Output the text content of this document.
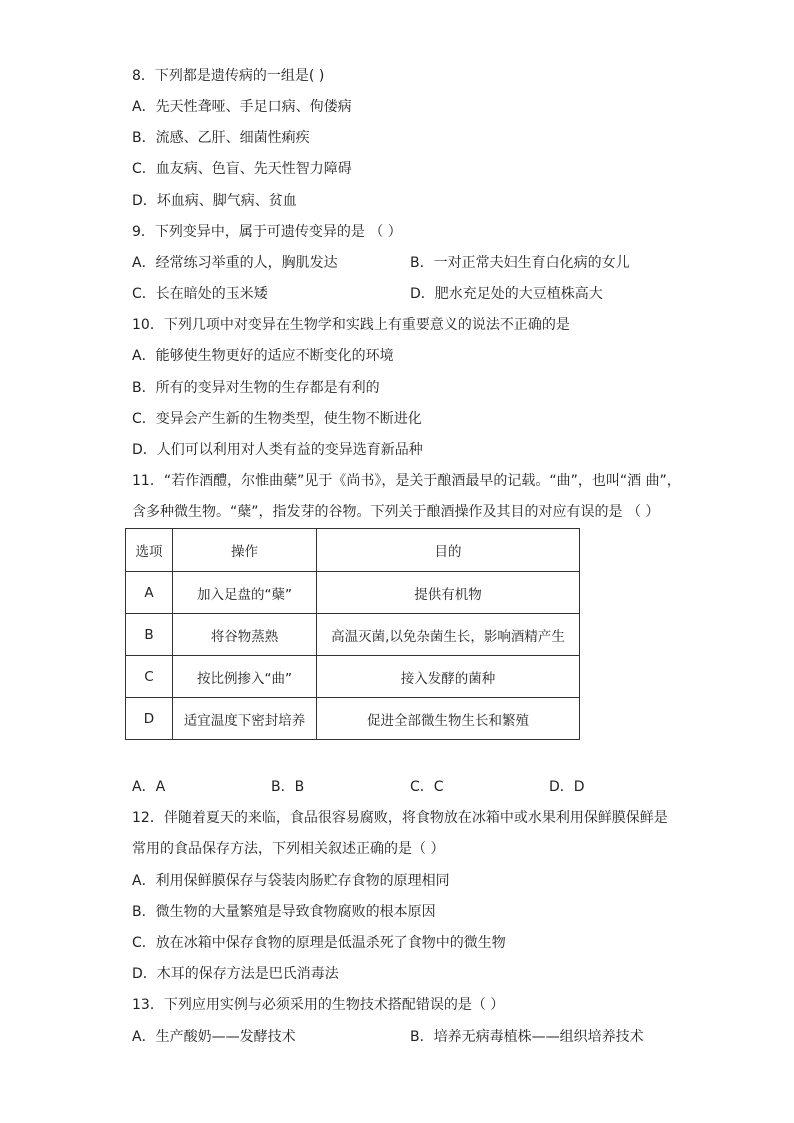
8．下列都是遗传病的一组是( )
A．先天性聋哑、手足口病、佝偻病
B．流感、乙肝、细菌性痢疾
C．血友病、色盲、先天性智力障碍
D．坏血病、脚气病、贫血
9．下列变异中，属于可遗传变异的是 （ ）
A．经常练习举重的人，胸肌发达	B．一对正常夫妇生育白化病的女儿
C．长在暗处的玉米矮	D．肥水充足处的大豆植株高大
10．下列几项中对变异在生物学和实践上有重要意义的说法不正确的是
A．能够使生物更好的适应不断变化的环境
B．所有的变异对生物的生存都是有利的
C．变异会产生新的生物类型，使生物不断进化
D．人们可以利用对人类有益的变异选育新品种
11．“若作酒醴，尔惟曲蘖”见于《尚书》，是关于酿酒最早的记载。“曲”，也叫“酒 曲”，
含多种微生物。“蘖”，指发芽的谷物。下列关于酿酒操作及其目的对应有误的是 （ ）
选项	操作	目的
A	加入足盘的“蘖”	提供有机物
B	将谷物蒸熟	高温灭菌,以免杂菌生长，影响酒精产生
C	按比例掺入“曲”	接入发酵的菌种
D	适宜温度下密封培养	促进全部微生物生长和繁殖
A．A	B．B	C．C	D．D
12．伴随着夏天的来临，食品很容易腐败，将食物放在冰箱中或水果利用保鲜膜保鲜是
常用的食品保存方法，下列相关叙述正确的是（ ）
A．利用保鲜膜保存与袋装肉肠贮存食物的原理相同
B．微生物的大量繁殖是导致食物腐败的根本原因
C．放在冰箱中保存食物的原理是低温杀死了食物中的微生物
D．木耳的保存方法是巴氏消毒法
13．下列应用实例与必须采用的生物技术搭配错误的是（ ）
A．生产酸奶——发酵技术	B．培养无病毒植株——组织培养技术
